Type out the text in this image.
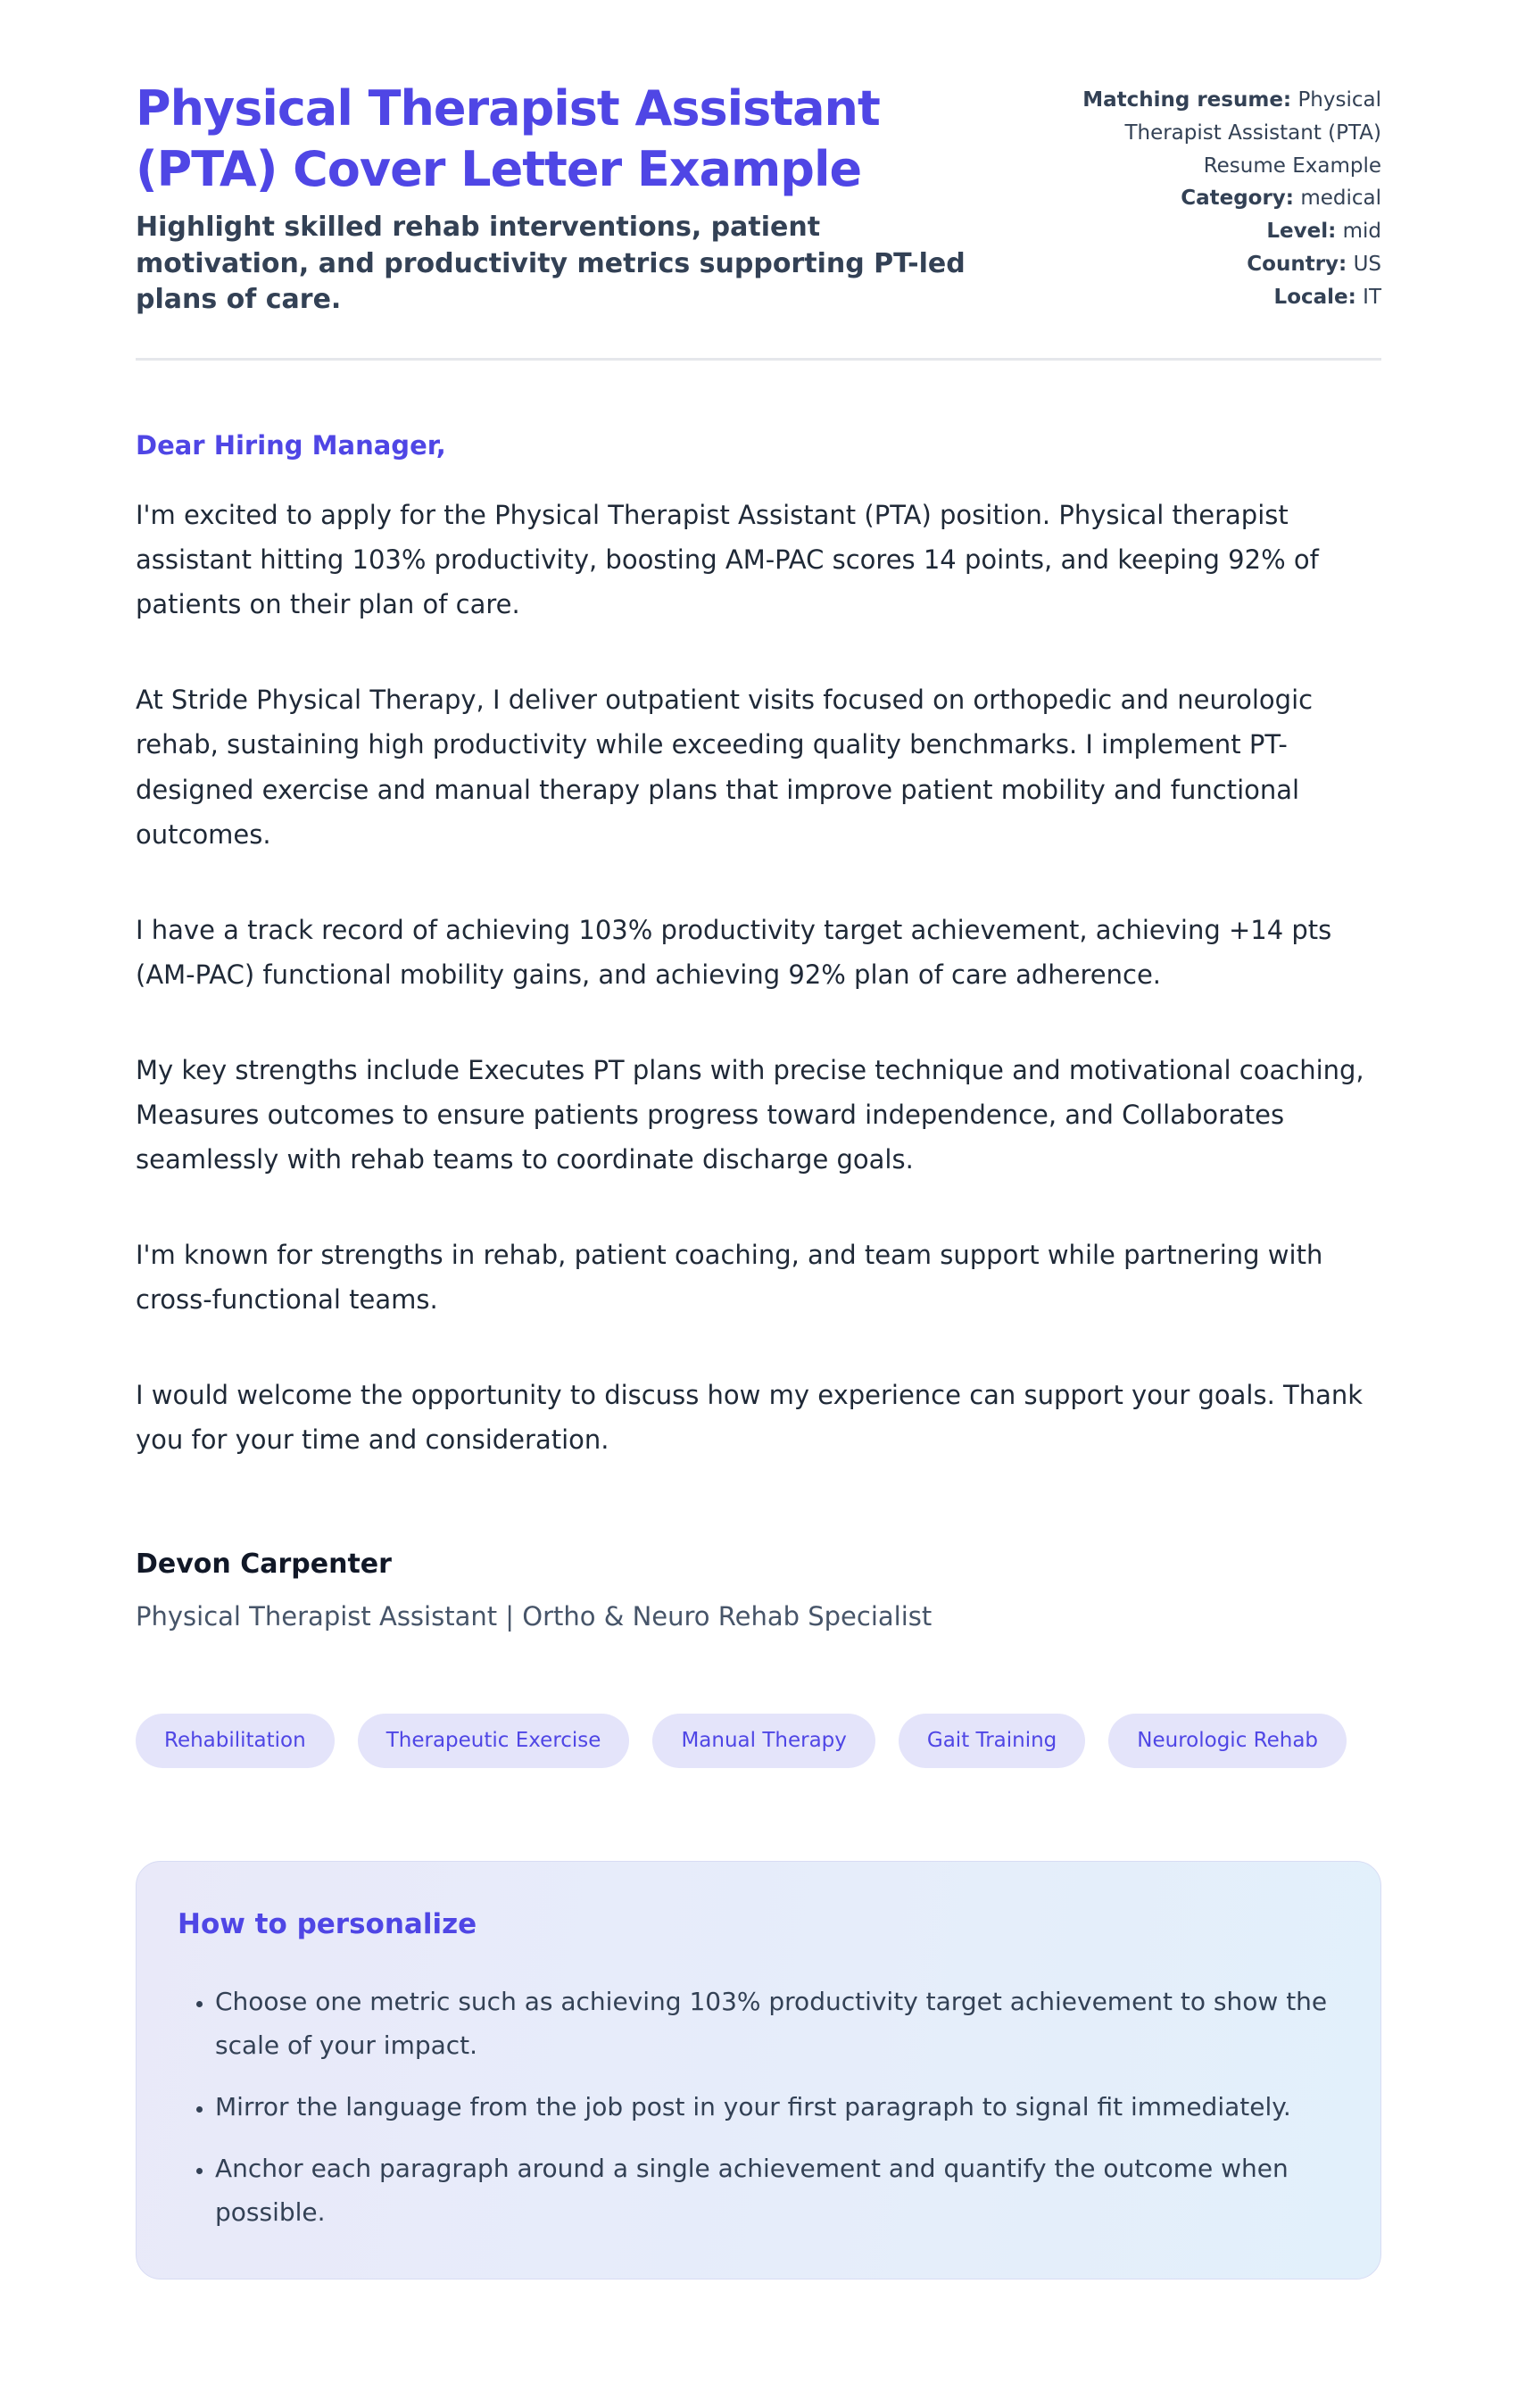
Physical Therapist Assistant (PTA) Cover Letter Example
Highlight skilled rehab interventions, patient motivation, and productivity metrics supporting PT-led plans of care.
Matching resume: Physical Therapist Assistant (PTA) Resume Example
Category: medical
Level: mid
Country: US
Locale: IT
Dear Hiring Manager,

I'm excited to apply for the Physical Therapist Assistant (PTA) position. Physical therapist assistant hitting 103% productivity, boosting AM-PAC scores 14 points, and keeping 92% of patients on their plan of care.

At Stride Physical Therapy, I deliver outpatient visits focused on orthopedic and neurologic rehab, sustaining high productivity while exceeding quality benchmarks. I implement PT-designed exercise and manual therapy plans that improve patient mobility and functional outcomes.

I have a track record of achieving 103% productivity target achievement, achieving +14 pts (AM-PAC) functional mobility gains, and achieving 92% plan of care adherence.

My key strengths include Executes PT plans with precise technique and motivational coaching, Measures outcomes to ensure patients progress toward independence, and Collaborates seamlessly with rehab teams to coordinate discharge goals.

I'm known for strengths in rehab, patient coaching, and team support while partnering with cross-functional teams.

I would welcome the opportunity to discuss how my experience can support your goals. Thank you for your time and consideration.

Devon Carpenter
Physical Therapist Assistant | Ortho & Neuro Rehab Specialist
Rehabilitation	Therapeutic Exercise	Manual Therapy	Gait Training	Neurologic Rehab
How to personalize
• Choose one metric such as achieving 103% productivity target achievement to show the scale of your impact.
• Mirror the language from the job post in your first paragraph to signal fit immediately.
• Anchor each paragraph around a single achievement and quantify the outcome when possible.
